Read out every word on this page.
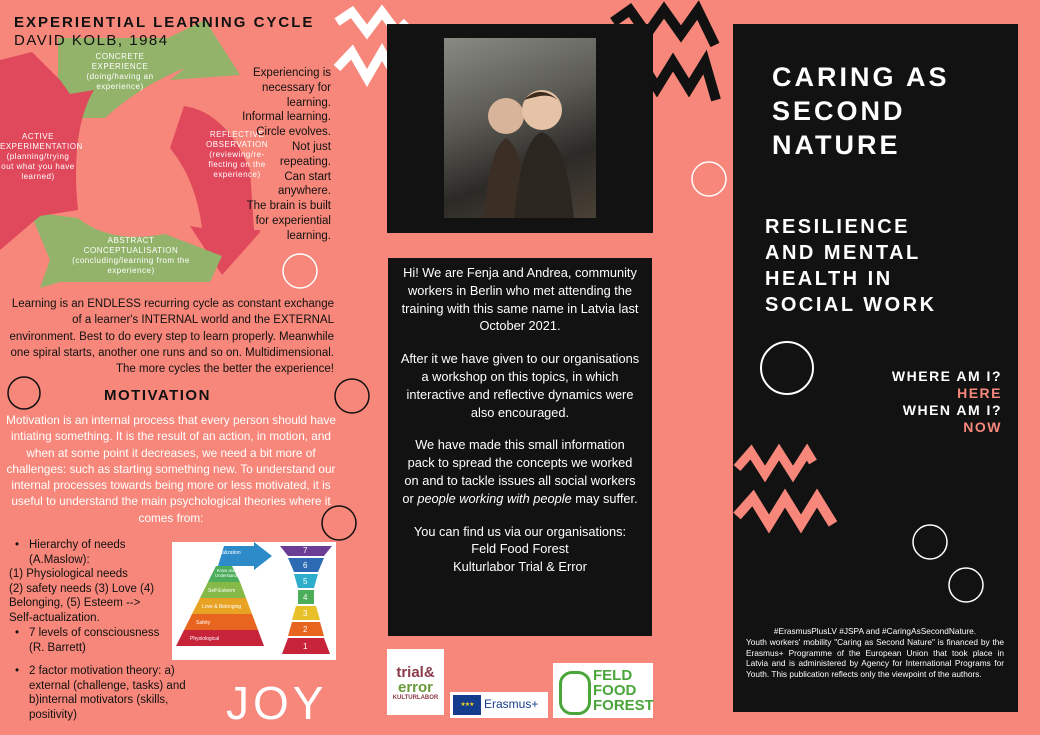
EXPERIENTIAL LEARNING CYCLE
DAVID KOLB, 1984
CONCRETE EXPERIENCE
(doing/having an experience)
REFLECTIVE OBSERVATION
(reviewing/re-flecting on the experience)
ABSTRACT CONCEPTUALISATION
(concluding/learning from the experience)
ACTIVE EXPERIMENTATION
(planning/trying out what you have learned)
Experiencing is
necessary for
learning.
Informal learning.
Circle evolves.
Not just
repeating.
Can start
anywhere.
The brain is built
for experiential
learning.
Learning is an ENDLESS recurring cycle as constant exchange of a learner's INTERNAL world and the EXTERNAL environment. Best to do every step to learn properly. Meanwhile one spiral starts, another one runs and so on. Multidimensional. The more cycles the better the experience!
MOTIVATION
Motivation is an internal process that every person should have intiating something. It is the result of an action, in motion, and when at some point it decreases, we need a bit more of challenges: such as starting something new. To understand our internal processes towards being more or less motivated, it is useful to understand the main psychological theories where it comes from:
• Hierarchy of needs
(A.Maslow):
(1) Physiological needs
(2) safety needs (3) Love (4)
Belonging, (5) Esteem -->
Self-actualization.
• 7 levels of consciousness
(R. Barrett)
• 2 factor motivation theory: a)
external (challenge, tasks) and
b)internal motivators (skills,
positivity)
Self-Actualization
Know and Understand
Self-Esteem
Love & Belonging
Safety
Physiological
7
6
5
4
3
2
1
JOY

Hi! We are Fenja and Andrea, community workers in Berlin who met attending the training with this same name in Latvia last October 2021.

After it we have given to our organisations a workshop on this topics, in which interactive and reflective dynamics were also encouraged.

We have made this small information pack to spread the concepts we worked on and to tackle issues all social workers or people working with people may suffer.

You can find us via our organisations:
Feld Food Forest
Kulturlabor Trial & Error
trial&
error
KULTURLABOR
★★★ Erasmus+
FELD
FOOD
FOREST
CARING AS
SECOND
NATURE
RESILIENCE
AND MENTAL
HEALTH IN
SOCIAL WORK
WHERE AM I?
HERE
WHEN AM I?
NOW
#ErasmusPlusLV #JSPA and #CaringAsSecondNature.
Youth workers' mobility "Caring as Second Nature" is financed by the Erasmus+ Programme of the European Union that took place in Latvia and is administered by Agency for International Programs for Youth. This publication reflects only the viewpoint of the authors.
